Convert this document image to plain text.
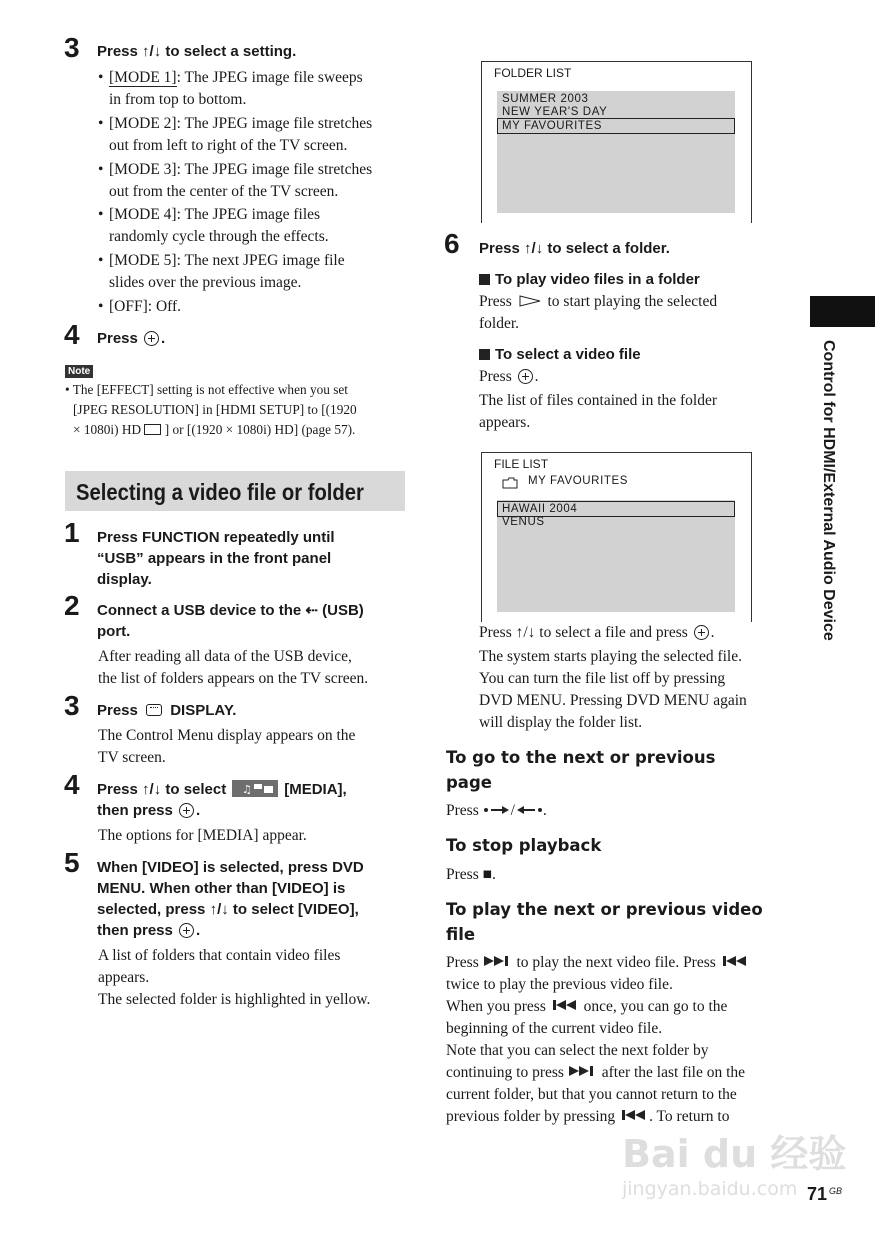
3 Press ↑/↓ to select a setting.
• [MODE 1]: The JPEG image file sweeps
in from top to bottom.
• [MODE 2]: The JPEG image file stretches
out from left to right of the TV screen.
• [MODE 3]: The JPEG image file stretches
out from the center of the TV screen.
• [MODE 4]: The JPEG image files
randomly cycle through the effects.
• [MODE 5]: The next JPEG image file
slides over the previous image.
• [OFF]: Off.
4 Press .
Note
• The [EFFECT] setting is not effective when you set
[JPEG RESOLUTION] in [HDMI SETUP] to [(1920
× 1080i) HD ] or [(1920 × 1080i) HD] (page 57).
Selecting a video file or folder
1 Press FUNCTION repeatedly until
“USB” appears in the front panel
display.
2 Connect a USB device to the ⇠ (USB)
port.
After reading all data of the USB device,
the list of folders appears on the TV screen.
3 Press DISPLAY.
The Control Menu display appears on the
TV screen.
4 Press ↑/↓ to select ♫ [MEDIA],
then press .
The options for [MEDIA] appear.
5 When [VIDEO] is selected, press DVD
MENU. When other than [VIDEO] is
selected, press ↑/↓ to select [VIDEO],
then press .
A list of folders that contain video files
appears.
The selected folder is highlighted in yellow.
FOLDER LIST
SUMMER 2003
NEW YEAR'S DAY
MY FAVOURITES
6 Press ↑/↓ to select a folder.
To play video files in a folder
Press to start playing the selected
folder.
To select a video file
Press .
The list of files contained in the folder
appears.
FILE LIST
MY FAVOURITES
HAWAII 2004
VENUS
Press ↑/↓ to select a file and press .
The system starts playing the selected file.
You can turn the file list off by pressing
DVD MENU. Pressing DVD MENU again
will display the folder list.
To go to the next or previous
page
Press / .
To stop playback
Press ■.
To play the next or previous video
file
Press to play the next video file. Press
twice to play the previous video file.
When you press once, you can go to the
beginning of the current video file.
Note that you can select the next folder by
continuing to press after the last file on the
current folder, but that you cannot return to the
previous folder by pressing . To return to
Control for HDMI/External Audio Device
Bai du 经验
jingyan.baidu.com 71 $^{GB}$
